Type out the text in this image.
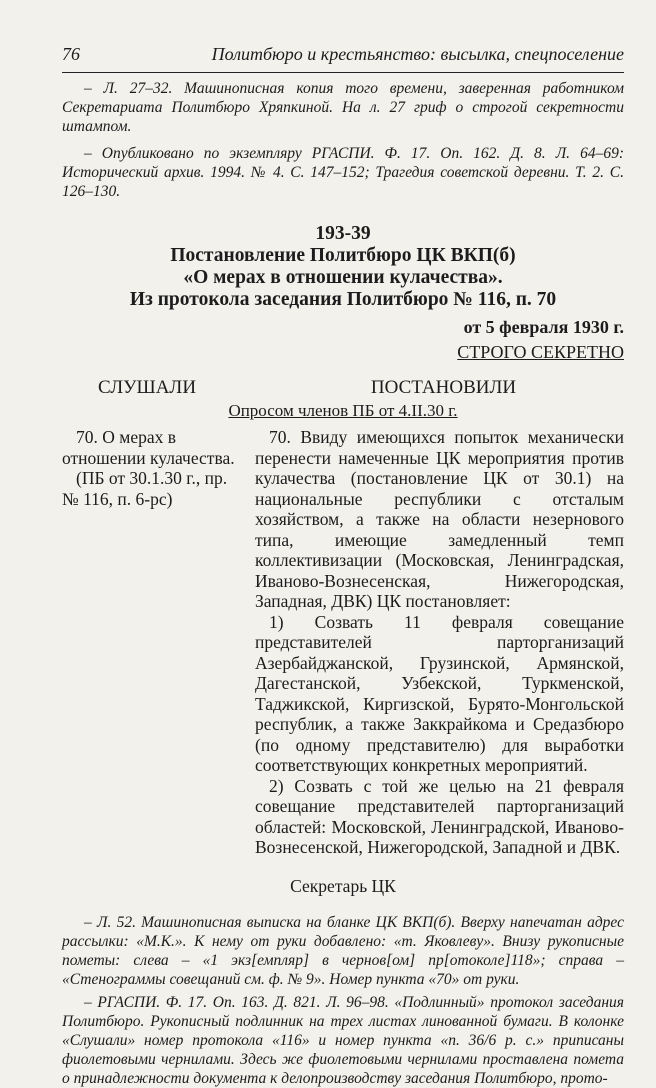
76	Политбюро и крестьянство: высылка, спецпоселение

– Л. 27–32. Машинописная копия того времени, заверенная работником Секретариата Политбюро Хряпкиной. На л. 27 гриф о строгой секретности штампом.

– Опубликовано по экземпляру РГАСПИ. Ф. 17. Оп. 162. Д. 8. Л. 64–69: Исторический архив. 1994. № 4. С. 147–152; Трагедия советской деревни. Т. 2. С. 126–130.

193-39
Постановление Политбюро ЦК ВКП(б)
«О мерах в отношении кулачества».
Из протокола заседания Политбюро № 116, п. 70
от 5 февраля 1930 г.
СТРОГО СЕКРЕТНО
СЛУШАЛИ	ПОСТАНОВИЛИ
Опросом членов ПБ от 4.II.30 г.

70. О мерах в отношении кулачества.

(ПБ от 30.1.30 г., пр. № 116, п. 6-рс)

70. Ввиду имеющихся попыток механически перенести намеченные ЦК мероприятия против кулачества (постановление ЦК от 30.1) на национальные республики с отсталым хозяйством, а также на области незернового типа, имеющие замедленный темп коллективизации (Московская, Ленинградская, Иваново-Вознесенская, Нижегородская, Западная, ДВК) ЦК постановляет:

1) Созвать 11 февраля совещание представителей парторганизаций Азербайджанской, Грузинской, Армянской, Дагестанской, Узбекской, Туркменской, Таджикской, Киргизской, Бурято-Монгольской республик, а также Заккрайкома и Средазбюро (по одному представителю) для выработки соответствующих конкретных мероприятий.

2) Созвать с той же целью на 21 февраля совещание представителей парторганизаций областей: Московской, Ленинградской, Иваново-Вознесенской, Нижегородской, Западной и ДВК.

Секретарь ЦК

– Л. 52. Машинописная выписка на бланке ЦК ВКП(б). Вверху напечатан адрес рассылки: «М.К.». К нему от руки добавлено: «т. Яковлеву». Внизу рукописные пометы: слева – «1 экз[емпляр] в чернов[ом] пр[отоколе]118»; справа – «Стенограммы совещаний см. ф. № 9». Номер пункта «70» от руки.

– РГАСПИ. Ф. 17. Оп. 163. Д. 821. Л. 96–98. «Подлинный» протокол заседания Политбюро. Рукописный подлинник на трех листах линованной бумаги. В колонке «Слушали» номер протокола «116» и номер пункта «п. 36/6 р. с.» приписаны фиолетовыми чернилами. Здесь же фиолетовыми чернилами проставлена помета о принадлежности документа к делопроизводству заседания Политбюро, прото-
